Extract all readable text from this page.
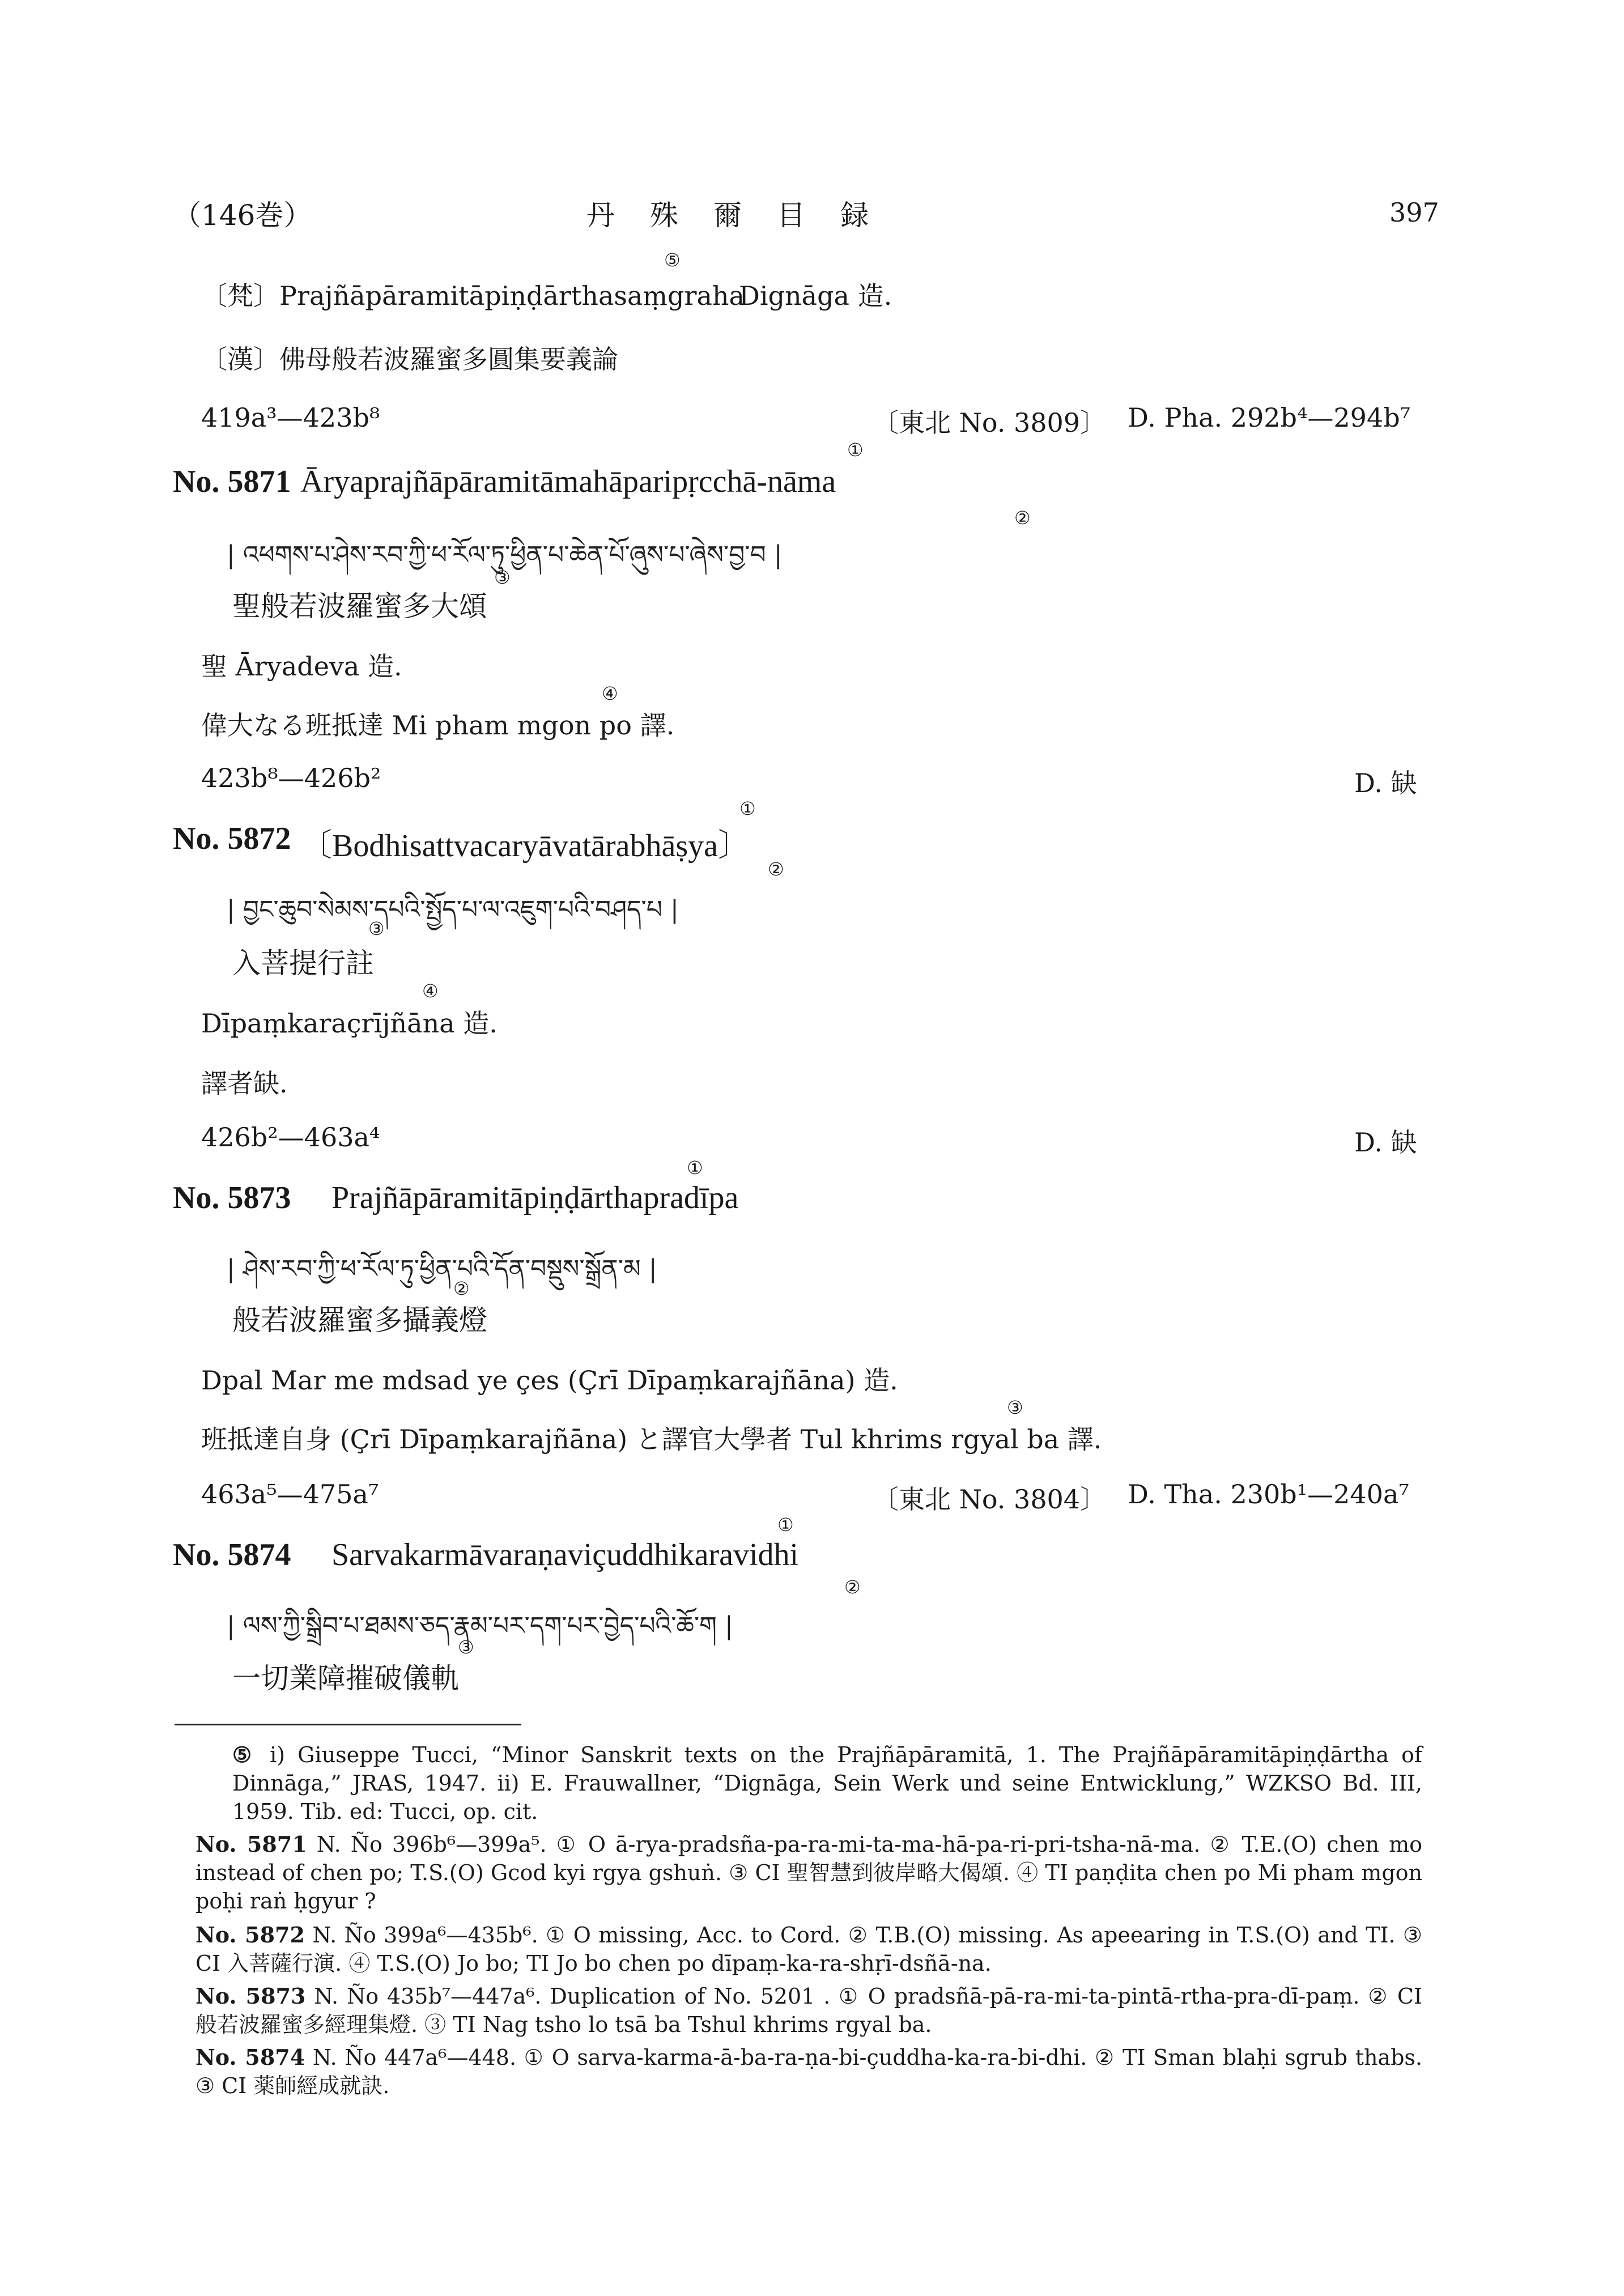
（146巻）	丹　殊　爾　目　録	397
⑤
〔梵〕Prajñāpāramitāpiṇḍārthasaṃgraha
Dignāga 造.
〔漢〕佛母般若波羅蜜多圓集要義論
419a³—423b⁸	〔東北 No. 3809〕 D. Pha. 292b⁴—294b⁷
①
No. 5871 Āryaprajñāpāramitāmahāparipṛcchā-nāma
②
| འཕགས་པ་ཤེས་རབ་ཀྱི་ཕ་རོལ་ཏུ་ཕྱིན་པ་ཆེན་པོ་ཞུས་པ་ཞེས་བྱ་བ |
③
聖般若波羅蜜多大頌
聖 Āryadeva 造.
④
偉大なる班抵達 Mi pham mgon po 譯.
423b⁸—426b²	D. 缺
①
No. 5872 〔Bodhisattvacaryāvatārabhāṣya〕
②
| བྱང་ཆུབ་སེམས་དཔའི་སྤྱོད་པ་ལ་འཇུག་པའི་བཤད་པ |
③
入菩提行註
④
Dīpaṃkaraçrījñāna 造.
譯者缺.
426b²—463a⁴	D. 缺
①
No. 5873 Prajñāpāramitāpiṇḍārthapradīpa
| ཤེས་རབ་ཀྱི་ཕ་རོལ་ཏུ་ཕྱིན་པའི་དོན་བསྡུས་སྒྲོན་མ |
②
般若波羅蜜多攝義燈
Dpal Mar me mdsad ye çes (Çrī Dīpaṃkarajñāna) 造.
③
班抵達自身 (Çrī Dīpaṃkarajñāna) と譯官大學者 Tul khrims rgyal ba 譯.
463a⁵—475a⁷	〔東北 No. 3804〕 D. Tha. 230b¹—240a⁷
①
No. 5874 Sarvakarmāvaraṇaviçuddhikaravidhi
②
| ལས་ཀྱི་སྒྲིབ་པ་ཐམས་ཅད་རྣམ་པར་དག་པར་བྱེད་པའི་ཆོ་ག |
③
一切業障摧破儀軌
⑤ i) Giuseppe Tucci, “Minor Sanskrit texts on the Prajñāpāramitā, 1. The Prajñāpāramitāpiṇḍārtha of Dinnāga,” JRAS, 1947. ii) E. Frauwallner, “Dignāga, Sein Werk und seine Entwicklung,” WZKSO Bd. III, 1959. Tib. ed: Tucci, op. cit.
No. 5871 N. Ño 396b⁶—399a⁵. ① O ā-rya-pradsña-pa-ra-mi-ta-ma-hā-pa-ri-pri-tsha-nā-ma. ② T.E.(O) chen mo instead of chen po; T.S.(O) Gcod kyi rgya gshuṅ. ③ CI 聖智慧到彼岸略大偈頌. ④ TI paṇḍita chen po Mi pham mgon poḥi raṅ ḥgyur ?
No. 5872 N. Ño 399a⁶—435b⁶. ① O missing, Acc. to Cord. ② T.B.(O) missing. As apeearing in T.S.(O) and TI. ③ CI 入菩薩行演. ④ T.S.(O) Jo bo; TI Jo bo chen po dīpaṃ-ka-ra-shṛī-dsñā-na.
No. 5873 N. Ño 435b⁷—447a⁶. Duplication of No. 5201 . ① O pradsñā-pā-ra-mi-ta-pintā-rtha-pra-dī-paṃ. ② CI 般若波羅蜜多經理集燈. ③ TI Nag tsho lo tsā ba Tshul khrims rgyal ba.
No. 5874 N. Ño 447a⁶—448. ① O sarva-karma-ā-ba-ra-ṇa-bi-çuddha-ka-ra-bi-dhi. ② TI Sman blaḥi sgrub thabs. ③ CI 薬師經成就訣.
